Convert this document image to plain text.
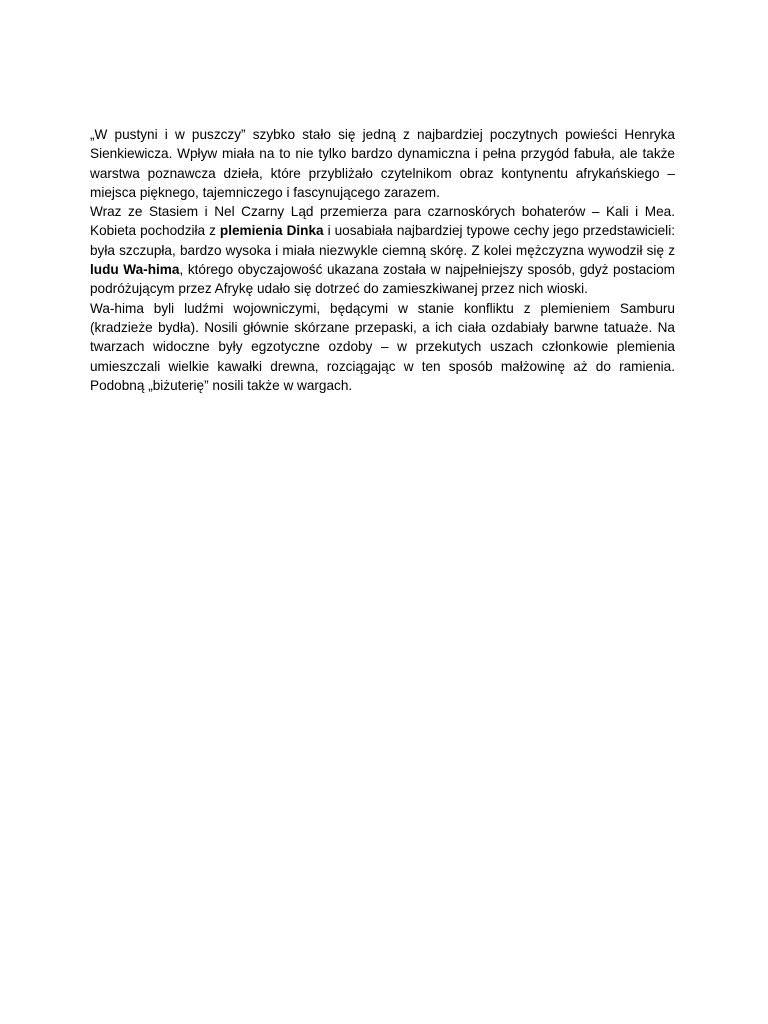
„W pustyni i w puszczy” szybko stało się jedną z najbardziej poczytnych powieści Henryka Sienkiewicza. Wpływ miała na to nie tylko bardzo dynamiczna i pełna przygód fabuła, ale także warstwa poznawcza dzieła, które przybliżało czytelnikom obraz kontynentu afrykańskiego – miejsca pięknego, tajemniczego i fascynującego zarazem.

Wraz ze Stasiem i Nel Czarny Ląd przemierza para czarnoskórych bohaterów – Kali i Mea. Kobieta pochodziła z plemienia Dinka i uosabiała najbardziej typowe cechy jego przedstawicieli: była szczupła, bardzo wysoka i miała niezwykle ciemną skórę. Z kolei mężczyzna wywodził się z ludu Wa-hima, którego obyczajowość ukazana została w najpełniejszy sposób, gdyż postaciom podróżującym przez Afrykę udało się dotrzeć do zamieszkiwanej przez nich wioski.

Wa-hima byli ludźmi wojowniczymi, będącymi w stanie konfliktu z plemieniem Samburu (kradzieże bydła). Nosili głównie skórzane przepaski, a ich ciała ozdabiały barwne tatuaże. Na twarzach widoczne były egzotyczne ozdoby – w przekutych uszach członkowie plemienia umieszczali wielkie kawałki drewna, rozciągając w ten sposób małżowinę aż do ramienia. Podobną „biżuterię” nosili także w wargach.
